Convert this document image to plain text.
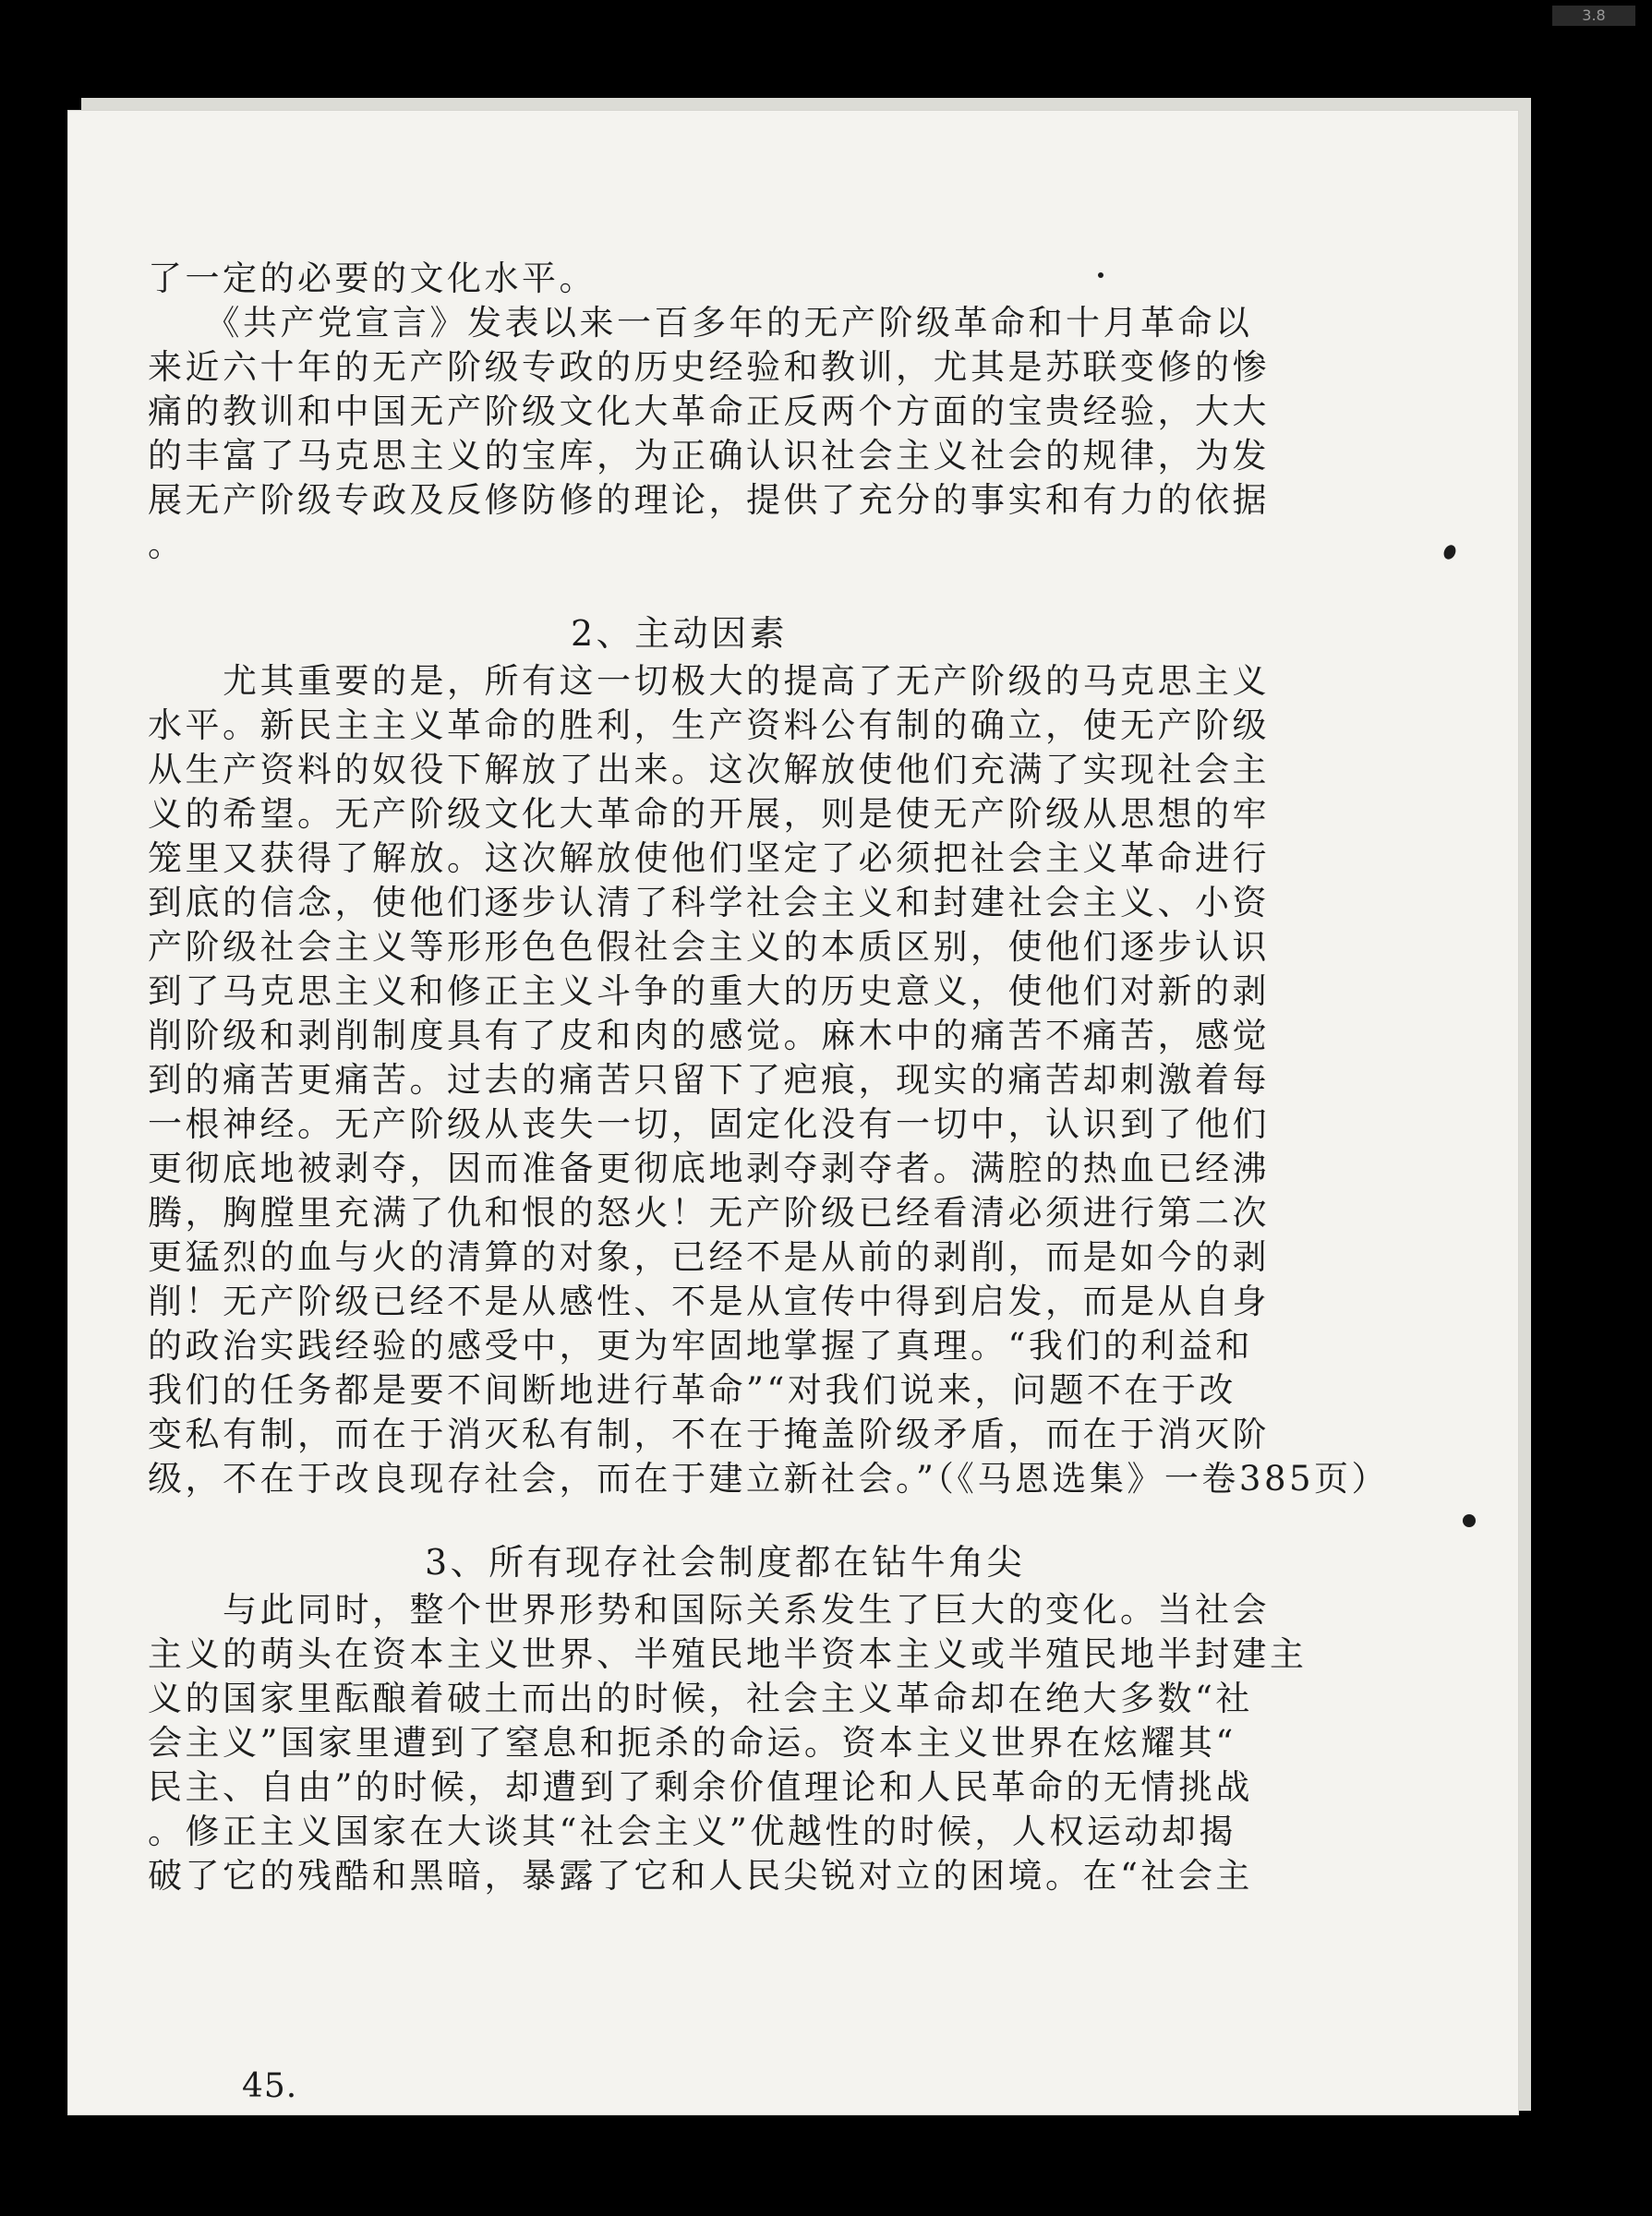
3.8
了一定的必要的文化水平。
　　《共产党宣言》发表以来一百多年的无产阶级革命和十月革命以
来近六十年的无产阶级专政的历史经验和教训，尤其是苏联变修的惨
痛的教训和中国无产阶级文化大革命正反两个方面的宝贵经验，大大
的丰富了马克思主义的宝库，为正确认识社会主义社会的规律，为发
展无产阶级专政及反修防修的理论，提供了充分的事实和有力的依据
。
2、主动因素
　　尤其重要的是，所有这一切极大的提高了无产阶级的马克思主义
水平。新民主主义革命的胜利，生产资料公有制的确立，使无产阶级
从生产资料的奴役下解放了出来。这次解放使他们充满了实现社会主
义的希望。无产阶级文化大革命的开展，则是使无产阶级从思想的牢
笼里又获得了解放。这次解放使他们坚定了必须把社会主义革命进行
到底的信念，使他们逐步认清了科学社会主义和封建社会主义、小资
产阶级社会主义等形形色色假社会主义的本质区别，使他们逐步认识
到了马克思主义和修正主义斗争的重大的历史意义，使他们对新的剥
削阶级和剥削制度具有了皮和肉的感觉。麻木中的痛苦不痛苦，感觉
到的痛苦更痛苦。过去的痛苦只留下了疤痕，现实的痛苦却刺激着每
一根神经。无产阶级从丧失一切，固定化没有一切中，认识到了他们
更彻底地被剥夺，因而准备更彻底地剥夺剥夺者。满腔的热血已经沸
腾，胸膛里充满了仇和恨的怒火！无产阶级已经看清必须进行第二次
更猛烈的血与火的清算的对象，已经不是从前的剥削，而是如今的剥
削！无产阶级已经不是从感性、不是从宣传中得到启发，而是从自身
的政治实践经验的感受中，更为牢固地掌握了真理。“我们的利益和
我们的任务都是要不间断地进行革命”“对我们说来，问题不在于改
变私有制，而在于消灭私有制，不在于掩盖阶级矛盾，而在于消灭阶
级，不在于改良现存社会，而在于建立新社会。”（《马恩选集》一卷385页）
3、所有现存社会制度都在钻牛角尖
　　与此同时，整个世界形势和国际关系发生了巨大的变化。当社会
主义的萌头在资本主义世界、半殖民地半资本主义或半殖民地半封建主
义的国家里酝酿着破土而出的时候，社会主义革命却在绝大多数“社
会主义”国家里遭到了窒息和扼杀的命运。资本主义世界在炫耀其“
民主、自由”的时候，却遭到了剩余价值理论和人民革命的无情挑战
。修正主义国家在大谈其“社会主义”优越性的时候，人权运动却揭
破了它的残酷和黑暗，暴露了它和人民尖锐对立的困境。在“社会主
45.
